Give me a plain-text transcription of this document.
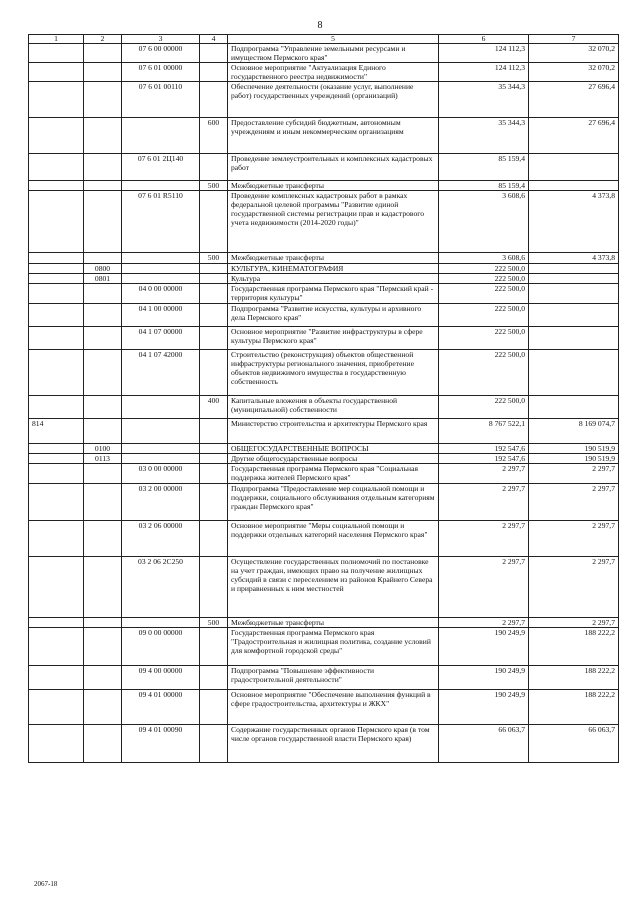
8
1	2	3	4	5	6	7
		07 6 00 00000		Подпрограмма "Управление земельными ресурсами и имуществом Пермского края"	124 112,3	32 070,2
		07 6 01 00000		Основное мероприятие "Актуализация Единого государственного реестра недвижимости"	124 112,3	32 070,2
		07 6 01 00110		Обеспечение деятельности (оказание услуг, выполнение работ) государственных учреждений (организаций)	35 344,3	27 696,4
			600	Предоставление субсидий бюджетным, автономным учреждениям и иным некоммерческим организациям	35 344,3	27 696,4
		07 6 01 2Ц140		Проведение землеустроительных и комплексных кадастровых работ	85 159,4	
			500	Межбюджетные трансферты	85 159,4	
		07 6 01 R5110		Проведение комплексных кадастровых работ в рамках федеральной целевой программы "Развитие единой государственной системы регистрации прав и кадастрового учета недвижимости (2014-2020 годы)"	3 608,6	4 373,8
			500	Межбюджетные трансферты	3 608,6	4 373,8
	0800			КУЛЬТУРА, КИНЕМАТОГРАФИЯ	222 500,0	
	0801			Культура	222 500,0	
		04 0 00 00000		Государственная программа Пермского края "Пермский край - территория культуры"	222 500,0	
		04 1 00 00000		Подпрограмма "Развитие искусства, культуры и архивного дела Пермского края"	222 500,0	
		04 1 07 00000		Основное мероприятие "Развитие инфраструктуры в сфере культуры Пермского края"	222 500,0	
		04 1 07 42000		Строительство (реконструкция) объектов общественной инфраструктуры регионального значения, приобретение объектов недвижимого имущества в государственную собственность	222 500,0	
			400	Капитальные вложения в объекты государственной (муниципальной) собственности	222 500,0	
814				Министерство строительства и архитектуры Пермского края	8 767 522,1	8 169 074,7
	0100			ОБЩЕГОСУДАРСТВЕННЫЕ ВОПРОСЫ	192 547,6	190 519,9
	0113			Другие общегосударственные вопросы	192 547,6	190 519,9
		03 0 00 00000		Государственная программа Пермского края "Социальная поддержка жителей Пермского края"	2 297,7	2 297,7
		03 2 00 00000		Подпрограмма "Предоставление мер социальной помощи и поддержки, социального обслуживания отдельным категориям граждан Пермского края"	2 297,7	2 297,7
		03 2 06 00000		Основное мероприятие "Меры социальной помощи и поддержки отдельных категорий населения Пермского края"	2 297,7	2 297,7
		03 2 06 2С250		Осуществление государственных полномочий по постановке на учет граждан, имеющих право на получение жилищных субсидий в связи с переселением из районов Крайнего Севера и приравненных к ним местностей	2 297,7	2 297,7
			500	Межбюджетные трансферты	2 297,7	2 297,7
		09 0 00 00000		Государственная программа Пермского края "Градостроительная и жилищная политика, создание условий для комфортной городской среды"	190 249,9	188 222,2
		09 4 00 00000		Подпрограмма "Повышение эффективности градостроительной деятельности"	190 249,9	188 222,2
		09 4 01 00000		Основное мероприятие "Обеспечение выполнения функций в сфере градостроительства, архитектуры и ЖКХ"	190 249,9	188 222,2
		09 4 01 00090		Содержание государственных органов Пермского края (в том числе органов государственной власти Пермского края)	66 063,7	66 063,7
2067-18
